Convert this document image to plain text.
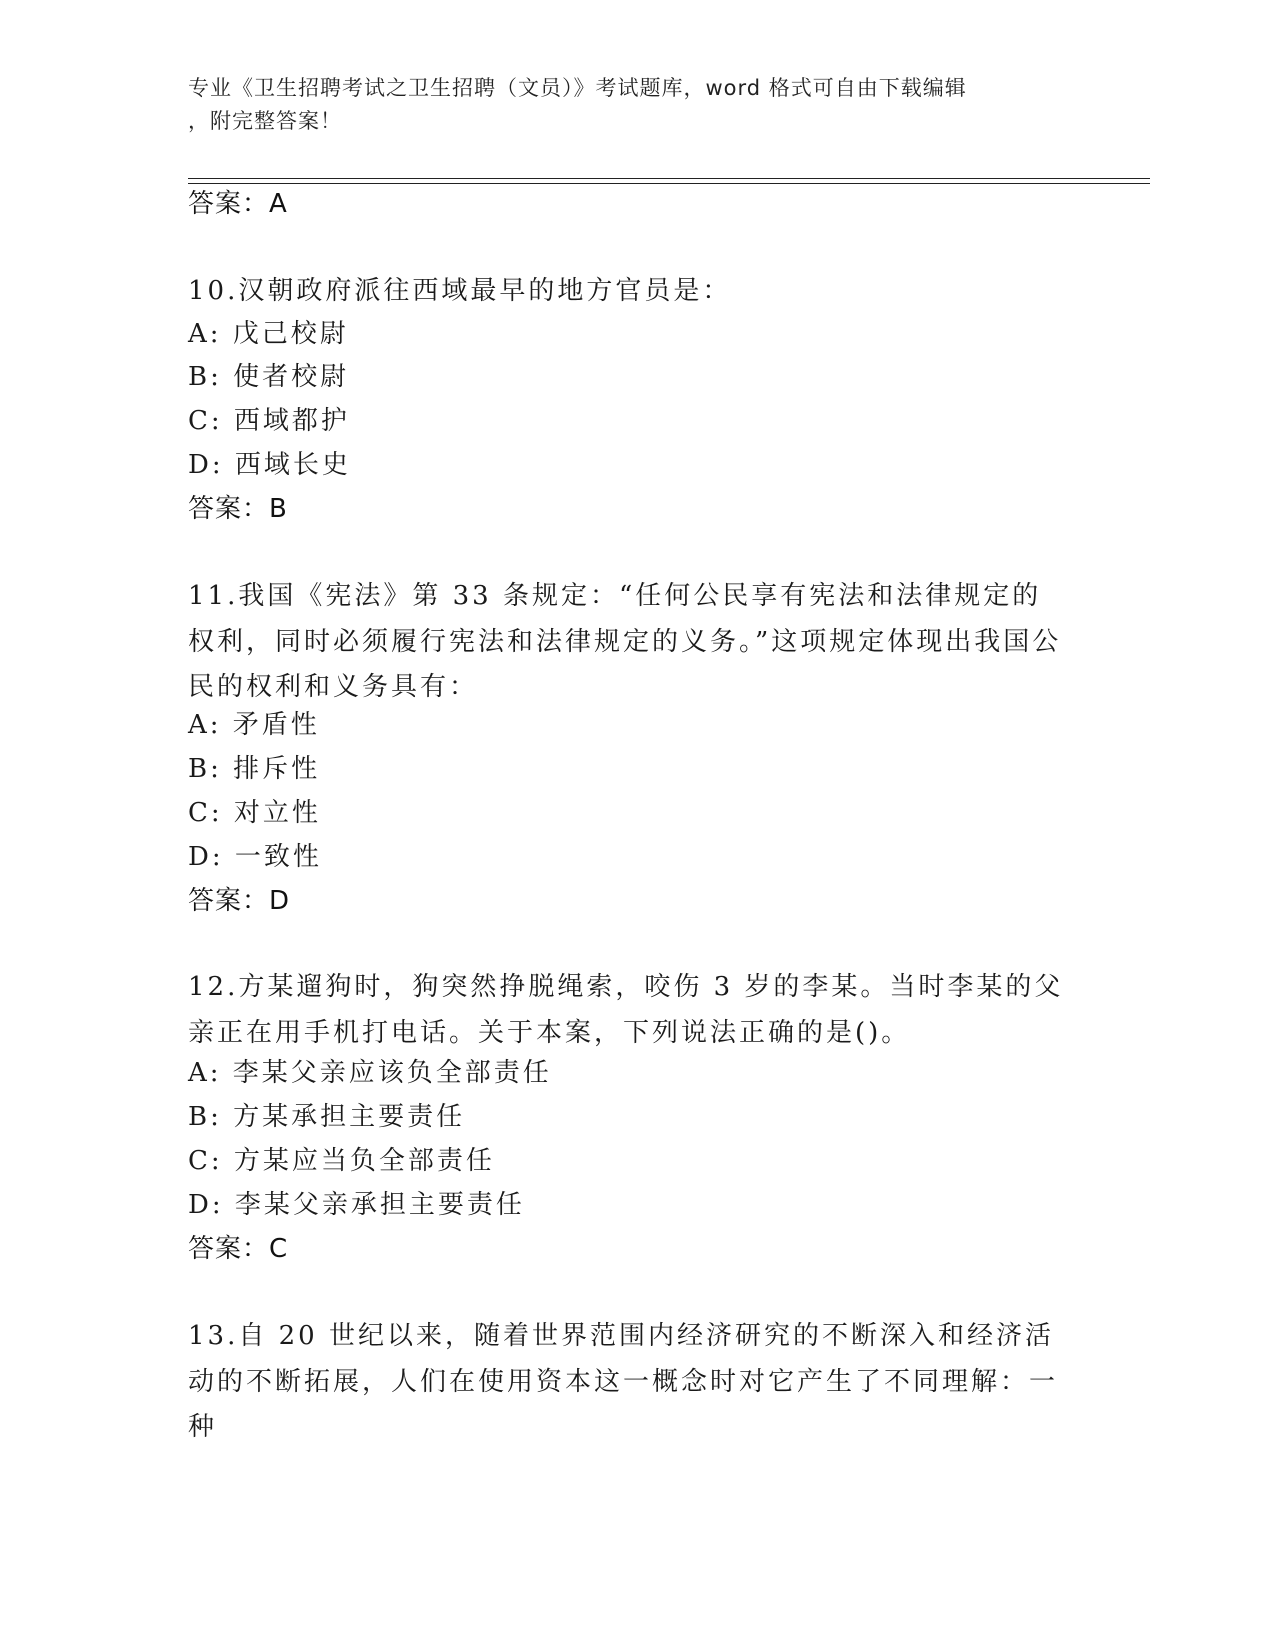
专业《卫生招聘考试之卫生招聘（文员）》考试题库，word 格式可自由下载编辑
，附完整答案！
答案：A
10.汉朝政府派往西域最早的地方官员是：
A: 戊己校尉
B: 使者校尉
C: 西域都护
D: 西域长史
答案：B
11.我国《宪法》第 33 条规定：“任何公民享有宪法和法律规定的权利，同时必须履行宪法和法律规定的义务。”这项规定体现出我国公民的权利和义务具有：
A: 矛盾性
B: 排斥性
C: 对立性
D: 一致性
答案：D
12.方某遛狗时，狗突然挣脱绳索，咬伤 3 岁的李某。当时李某的父亲正在用手机打电话。关于本案，下列说法正确的是()。
A: 李某父亲应该负全部责任
B: 方某承担主要责任
C: 方某应当负全部责任
D: 李某父亲承担主要责任
答案：C
13.自 20 世纪以来，随着世界范围内经济研究的不断深入和经济活动的不断拓展，人们在使用资本这一概念时对它产生了不同理解：一种
